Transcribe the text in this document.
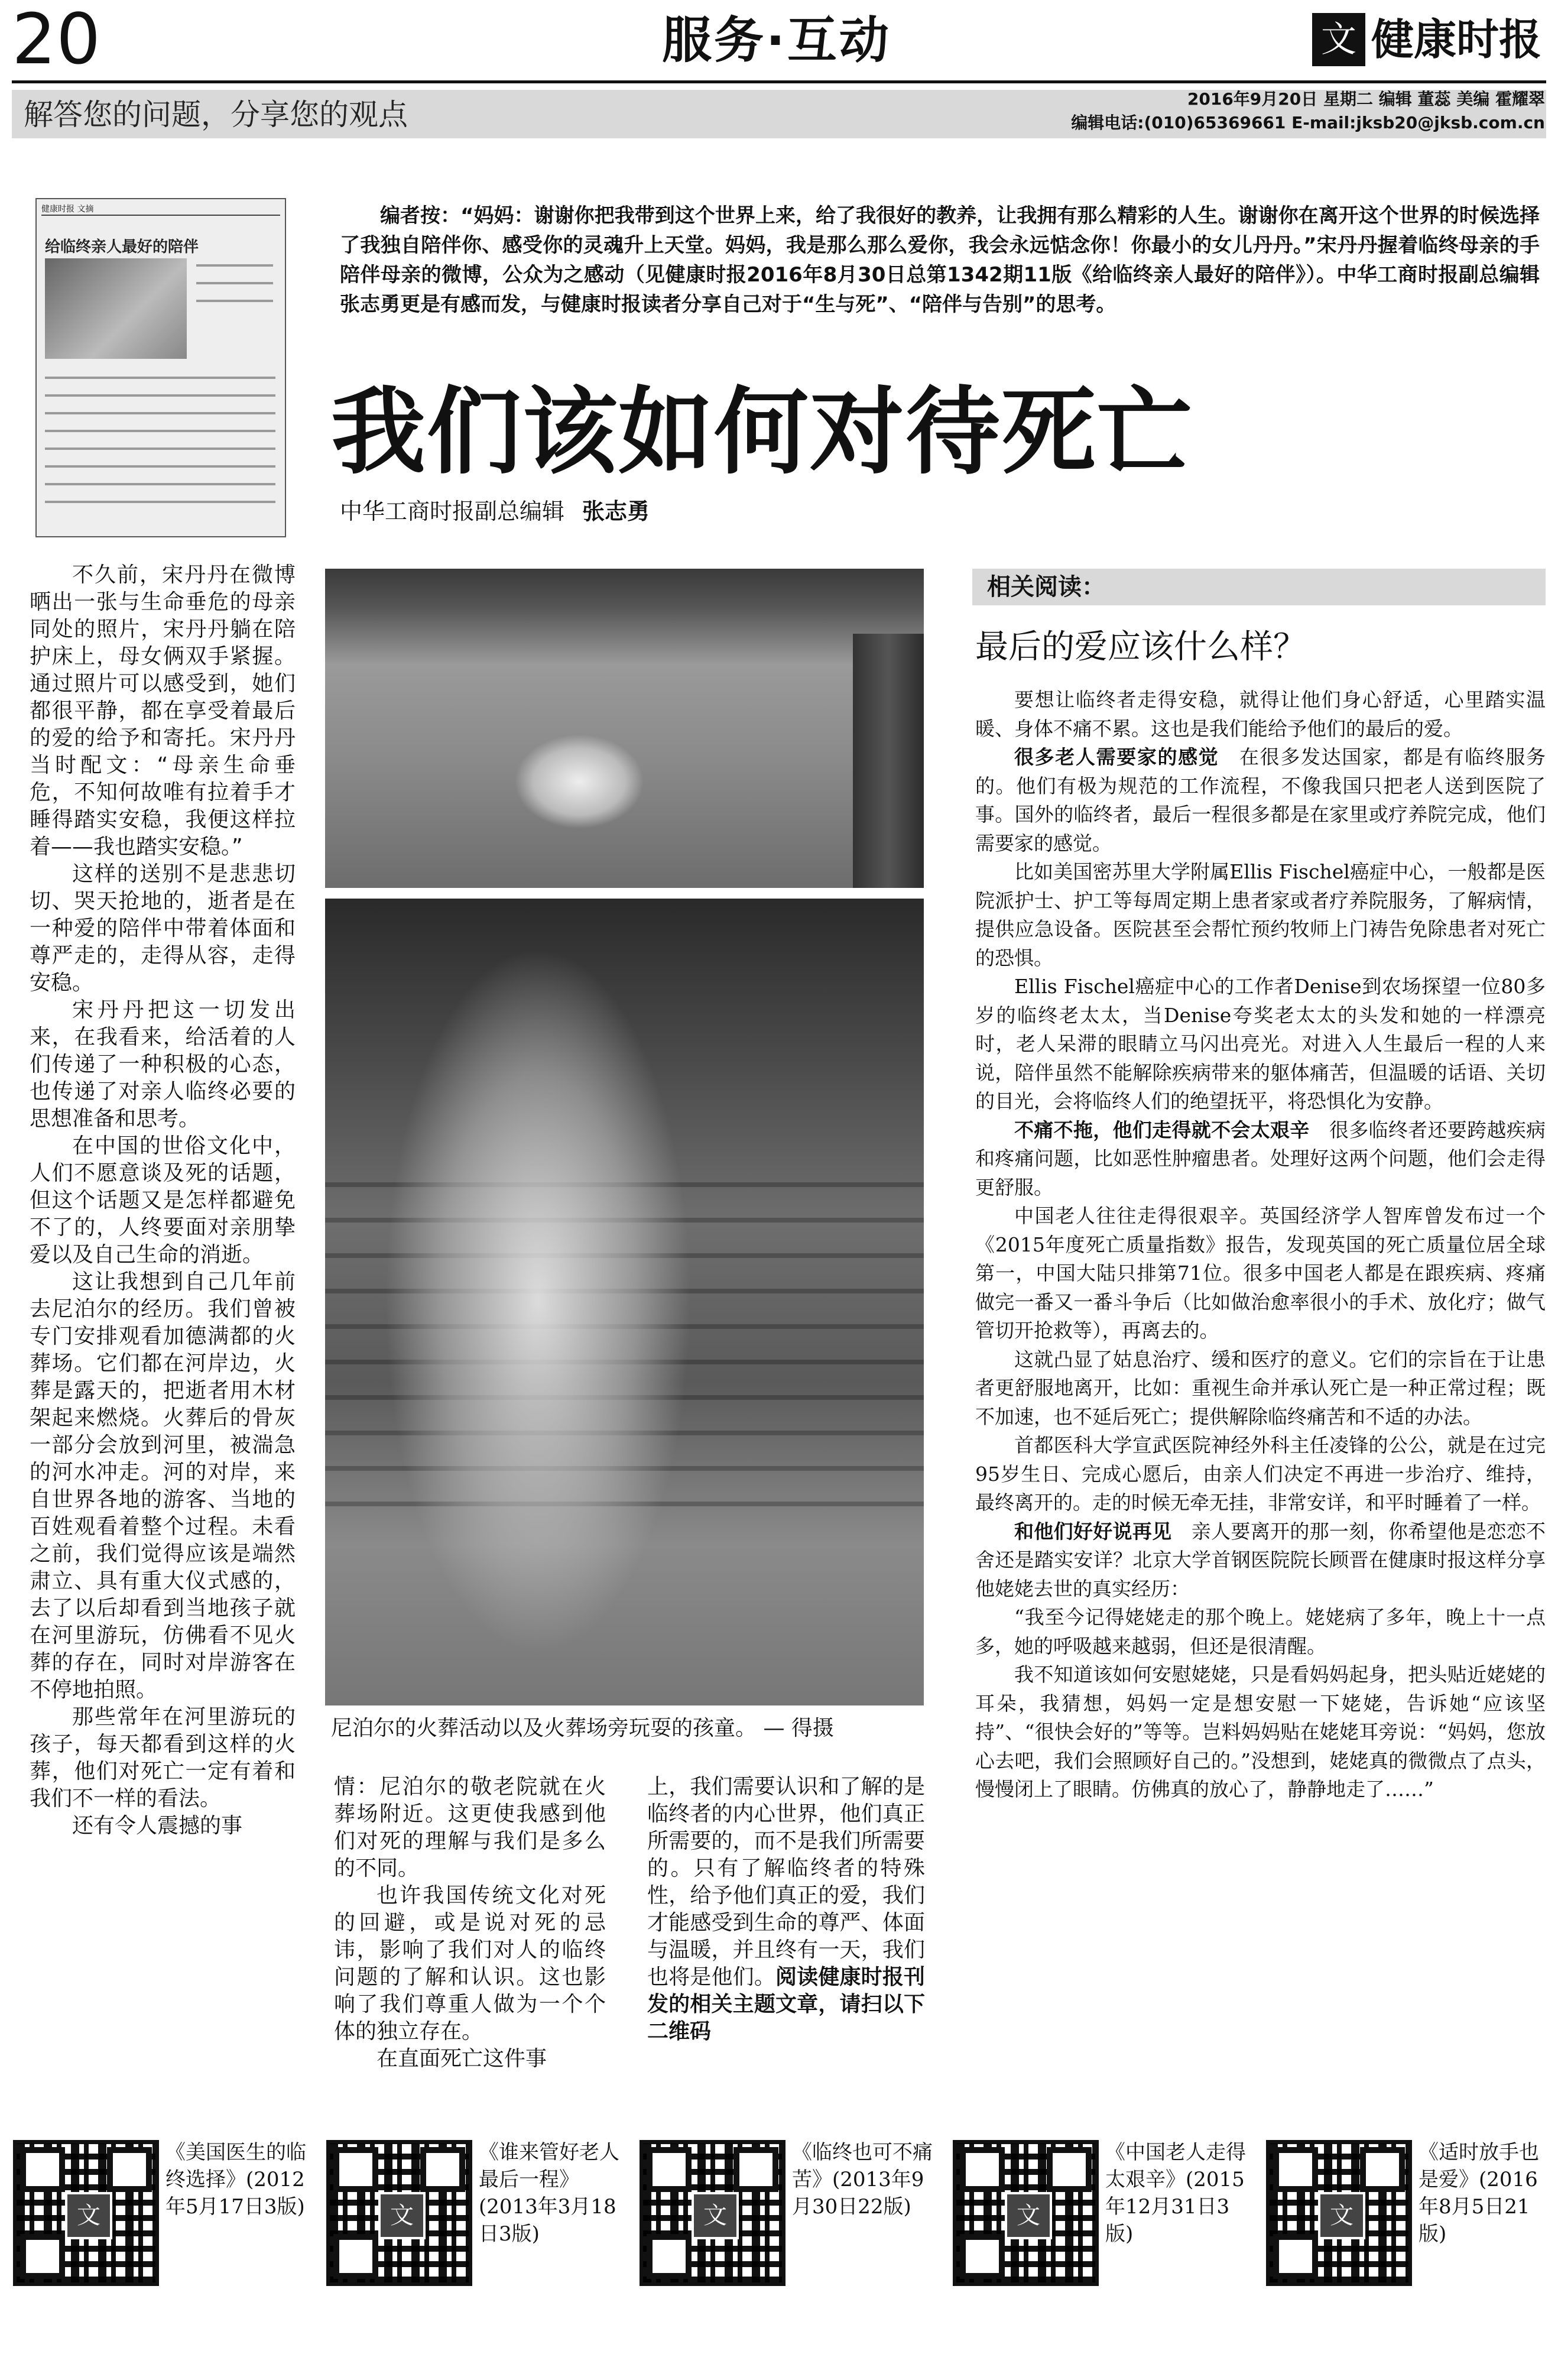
20	服务·互动	文 健康时报
解答您的问题，分享您的观点	2016年9月20日 星期二 编辑 董蕊 美编 霍耀翠
编辑电话:(010)65369661 E-mail:jksb20@jksb.com.cn
健康时报 文摘
给临终亲人最好的陪伴
编者按：“妈妈：谢谢你把我带到这个世界上来，给了我很好的教养，让我拥有那么精彩的人生。谢谢你在离开这个世界的时候选择了我独自陪伴你、感受你的灵魂升上天堂。妈妈，我是那么那么爱你，我会永远惦念你！你最小的女儿丹丹。”宋丹丹握着临终母亲的手陪伴母亲的微博，公众为之感动（见健康时报2016年8月30日总第1342期11版《给临终亲人最好的陪伴》）。中华工商时报副总编辑张志勇更是有感而发，与健康时报读者分享自己对于“生与死”、“陪伴与告别”的思考。
我们该如何对待死亡
中华工商时报副总编辑 张志勇

不久前，宋丹丹在微博晒出一张与生命垂危的母亲同处的照片，宋丹丹躺在陪护床上，母女俩双手紧握。通过照片可以感受到，她们都很平静，都在享受着最后的爱的给予和寄托。宋丹丹当时配文：“母亲生命垂危，不知何故唯有拉着手才睡得踏实安稳，我便这样拉着——我也踏实安稳。”

这样的送别不是悲悲切切、哭天抢地的，逝者是在一种爱的陪伴中带着体面和尊严走的，走得从容，走得安稳。

宋丹丹把这一切发出来，在我看来，给活着的人们传递了一种积极的心态，也传递了对亲人临终必要的思想准备和思考。

在中国的世俗文化中，人们不愿意谈及死的话题，但这个话题又是怎样都避免不了的，人终要面对亲朋挚爱以及自己生命的消逝。

这让我想到自己几年前去尼泊尔的经历。我们曾被专门安排观看加德满都的火葬场。它们都在河岸边，火葬是露天的，把逝者用木材架起来燃烧。火葬后的骨灰一部分会放到河里，被湍急的河水冲走。河的对岸，来自世界各地的游客、当地的百姓观看着整个过程。未看之前，我们觉得应该是端然肃立、具有重大仪式感的，去了以后却看到当地孩子就在河里游玩，仿佛看不见火葬的存在，同时对岸游客在不停地拍照。

那些常年在河里游玩的孩子，每天都看到这样的火葬，他们对死亡一定有着和我们不一样的看法。

还有令人震撼的事

尼泊尔的火葬活动以及火葬场旁玩耍的孩童。 — 得摄

情：尼泊尔的敬老院就在火葬场附近。这更使我感到他们对死的理解与我们是多么的不同。

也许我国传统文化对死的回避，或是说对死的忌讳，影响了我们对人的临终问题的了解和认识。这也影响了我们尊重人做为一个个体的独立存在。

在直面死亡这件事

上，我们需要认识和了解的是临终者的内心世界，他们真正所需要的，而不是我们所需要的。只有了解临终者的特殊性，给予他们真正的爱，我们才能感受到生命的尊严、体面与温暖，并且终有一天，我们也将是他们。阅读健康时报刊发的相关主题文章，请扫以下二维码

相关阅读：
最后的爱应该什么样？

要想让临终者走得安稳，就得让他们身心舒适，心里踏实温暖、身体不痛不累。这也是我们能给予他们的最后的爱。

很多老人需要家的感觉　在很多发达国家，都是有临终服务的。他们有极为规范的工作流程，不像我国只把老人送到医院了事。国外的临终者，最后一程很多都是在家里或疗养院完成，他们需要家的感觉。

比如美国密苏里大学附属Ellis Fischel癌症中心，一般都是医院派护士、护工等每周定期上患者家或者疗养院服务，了解病情，提供应急设备。医院甚至会帮忙预约牧师上门祷告免除患者对死亡的恐惧。

Ellis Fischel癌症中心的工作者Denise到农场探望一位80多岁的临终老太太，当Denise夸奖老太太的头发和她的一样漂亮时，老人呆滞的眼睛立马闪出亮光。对进入人生最后一程的人来说，陪伴虽然不能解除疾病带来的躯体痛苦，但温暖的话语、关切的目光，会将临终人们的绝望抚平，将恐惧化为安静。

不痛不拖，他们走得就不会太艰辛　很多临终者还要跨越疾病和疼痛问题，比如恶性肿瘤患者。处理好这两个问题，他们会走得更舒服。

中国老人往往走得很艰辛。英国经济学人智库曾发布过一个《2015年度死亡质量指数》报告，发现英国的死亡质量位居全球第一，中国大陆只排第71位。很多中国老人都是在跟疾病、疼痛做完一番又一番斗争后（比如做治愈率很小的手术、放化疗；做气管切开抢救等），再离去的。

这就凸显了姑息治疗、缓和医疗的意义。它们的宗旨在于让患者更舒服地离开，比如：重视生命并承认死亡是一种正常过程；既不加速，也不延后死亡；提供解除临终痛苦和不适的办法。

首都医科大学宣武医院神经外科主任凌锋的公公，就是在过完95岁生日、完成心愿后，由亲人们决定不再进一步治疗、维持，最终离开的。走的时候无牵无挂，非常安详，和平时睡着了一样。

和他们好好说再见　亲人要离开的那一刻，你希望他是恋恋不舍还是踏实安详？北京大学首钢医院院长顾晋在健康时报这样分享他姥姥去世的真实经历：

“我至今记得姥姥走的那个晚上。姥姥病了多年，晚上十一点多，她的呼吸越来越弱，但还是很清醒。

我不知道该如何安慰姥姥，只是看妈妈起身，把头贴近姥姥的耳朵，我猜想，妈妈一定是想安慰一下姥姥，告诉她“应该坚持”、“很快会好的”等等。岂料妈妈贴在姥姥耳旁说：“妈妈，您放心去吧，我们会照顾好自己的。”没想到，姥姥真的微微点了点头，慢慢闭上了眼睛。仿佛真的放心了，静静地走了……”

文
《美国医生的临终选择》(2012年5月17日3版)	文
《谁来管好老人最后一程》(2013年3月18日3版)
文
《临终也可不痛苦》(2013年9月30日22版)	文
《中国老人走得太艰辛》(2015年12月31日3版)
文
《适时放手也是爱》(2016年8月5日21版)
